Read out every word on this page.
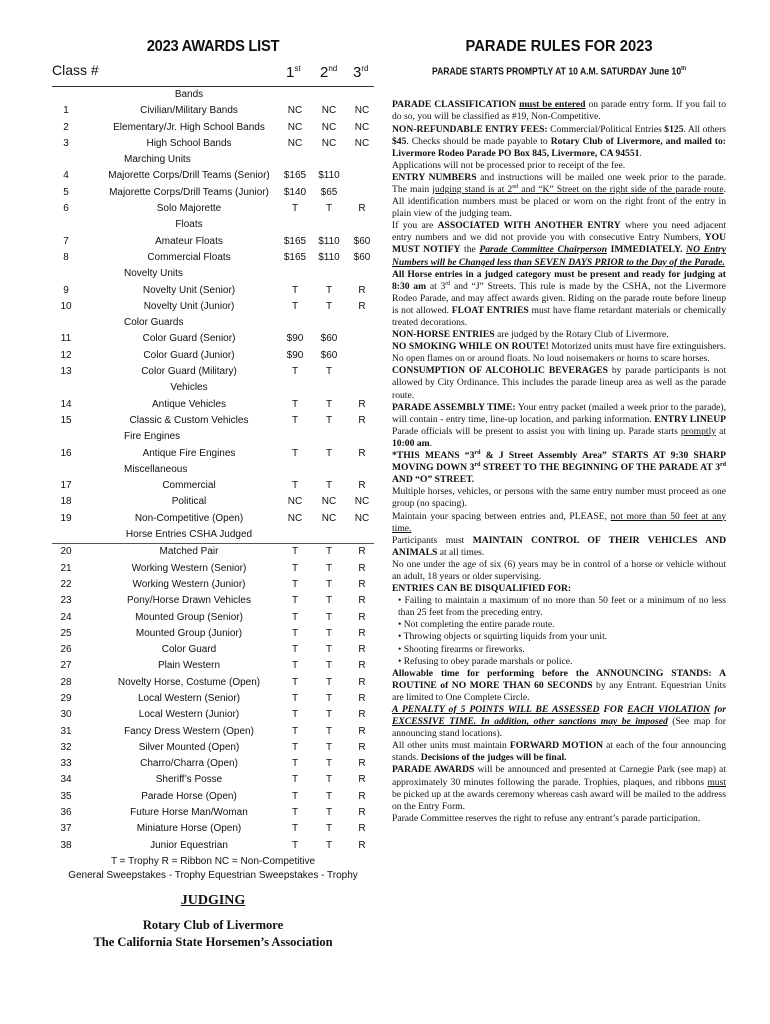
2023 AWARDS LIST
Class #	1st 2nd 3rd
Bands
1	Civilian/Military Bands	NC	NC	NC
2	Elementary/Jr. High School Bands	NC	NC	NC
3	High School Bands	NC	NC	NC
Marching Units
4	Majorette Corps/Drill Teams (Senior)	$165	$110
5	Majorette Corps/Drill Teams (Junior)	$140	$65
6	Solo Majorette	T	T	R
Floats
7	Amateur Floats	$165	$110	$60
8	Commercial Floats	$165	$110	$60
Novelty Units
9	Novelty Unit (Senior)	T	T	R
10	Novelty Unit (Junior)	T	T	R
Color Guards
11	Color Guard (Senior)	$90	$60
12	Color Guard (Junior)	$90	$60
13	Color Guard (Military)	T	T
Vehicles
14	Antique Vehicles	T	T	R
15	Classic & Custom Vehicles	T	T	R
Fire Engines
16	Antique Fire Engines	T	T	R
Miscellaneous
17	Commercial	T	T	R
18	Political	NC	NC	NC
19	Non-Competitive (Open)	NC	NC	NC
Horse Entries CSHA Judged
20	Matched Pair	T	T	R
21	Working Western (Senior)	T	T	R
22	Working Western (Junior)	T	T	R
23	Pony/Horse Drawn Vehicles	T	T	R
24	Mounted Group (Senior)	T	T	R
25	Mounted Group (Junior)	T	T	R
26	Color Guard	T	T	R
27	Plain Western	T	T	R
28	Novelty Horse, Costume (Open)	T	T	R
29	Local Western (Senior)	T	T	R
30	Local Western (Junior)	T	T	R
31	Fancy Dress Western (Open)	T	T	R
32	Silver Mounted (Open)	T	T	R
33	Charro/Charra (Open)	T	T	R
34	Sheriff’s Posse	T	T	R
35	Parade Horse (Open)	T	T	R
36	Future Horse Man/Woman	T	T	R
37	Miniature Horse (Open)	T	T	R
38	Junior Equestrian	T	T	R
T = Trophy R = Ribbon NC = Non-Competitive
General Sweepstakes - Trophy Equestrian Sweepstakes - Trophy
JUDGING
Rotary Club of Livermore
The California State Horsemen’s Association
PARADE RULES FOR 2023
PARADE STARTS PROMPTLY AT 10 A.M. SATURDAY June 10th

PARADE CLASSIFICATION must be entered on parade entry form. If you fail to do so, you will be classified as #19, Non-Competitive.

NON-REFUNDABLE ENTRY FEES: Commercial/Political Entries $125. All others $45. Checks should be made payable to Rotary Club of Livermore, and mailed to: Livermore Rodeo Parade PO Box 845, Livermore, CA 94551.

Applications will not be processed prior to receipt of the fee.

ENTRY NUMBERS and instructions will be mailed one week prior to the parade. The main judging stand is at 2nd and “K” Street on the right side of the parade route. All identification numbers must be placed or worn on the right front of the entry in plain view of the judging team.

If you are ASSOCIATED WITH ANOTHER ENTRY where you need adjacent entry numbers and we did not provide you with consecutive Entry Numbers, YOU MUST NOTIFY the Parade Committee Chairperson IMMEDIATELY. NO Entry Numbers will be Changed less than SEVEN DAYS PRIOR to the Day of the Parade.

All Horse entries in a judged category must be present and ready for judging at 8:30 am at 3rd and “J” Streets. This rule is made by the CSHA, not the Livermore Rodeo Parade, and may affect awards given. Riding on the parade route before lineup is not allowed. FLOAT ENTRIES must have flame retardant materials or chemically treated decorations.

NON-HORSE ENTRIES are judged by the Rotary Club of Livermore.

NO SMOKING WHILE ON ROUTE! Motorized units must have fire extinguishers. No open flames on or around floats. No loud noisemakers or horns to scare horses.

CONSUMPTION OF ALCOHOLIC BEVERAGES by parade participants is not allowed by City Ordinance. This includes the parade lineup area as well as the parade route.

PARADE ASSEMBLY TIME: Your entry packet (mailed a week prior to the parade), will contain - entry time, line-up location, and parking information. ENTRY LINEUP Parade officials will be present to assist you with lining up. Parade starts promptly at 10:00 am.

*THIS MEANS “3rd & J Street Assembly Area” STARTS AT 9:30 SHARP MOVING DOWN 3rd STREET TO THE BEGINNING OF THE PARADE AT 3rd AND “O” STREET.

Multiple horses, vehicles, or persons with the same entry number must proceed as one group (no spacing).

Maintain your spacing between entries and, PLEASE, not more than 50 feet at any time.

Participants must MAINTAIN CONTROL OF THEIR VEHICLES AND ANIMALS at all times.

No one under the age of six (6) years may be in control of a horse or vehicle without an adult, 18 years or older supervising.

ENTRIES CAN BE DISQUALIFIED FOR:

• Failing to maintain a maximum of no more than 50 feet or a minimum of no less than 25 feet from the preceding entry.

• Not completing the entire parade route.

• Throwing objects or squirting liquids from your unit.

• Shooting firearms or fireworks.

• Refusing to obey parade marshals or police.

Allowable time for performing before the ANNOUNCING STANDS: A ROUTINE of NO MORE THAN 60 SECONDS by any Entrant. Equestrian Units are limited to One Complete Circle.

A PENALTY of 5 POINTS WILL BE ASSESSED FOR EACH VIOLATION for EXCESSIVE TIME. In addition, other sanctions may be imposed (See map for announcing stand locations).

All other units must maintain FORWARD MOTION at each of the four announcing stands. Decisions of the judges will be final.

PARADE AWARDS will be announced and presented at Carnegie Park (see map) at approximately 30 minutes following the parade. Trophies, plaques, and ribbons must be picked up at the awards ceremony whereas cash award will be mailed to the address on the Entry Form.

Parade Committee reserves the right to refuse any entrant’s parade participation.
